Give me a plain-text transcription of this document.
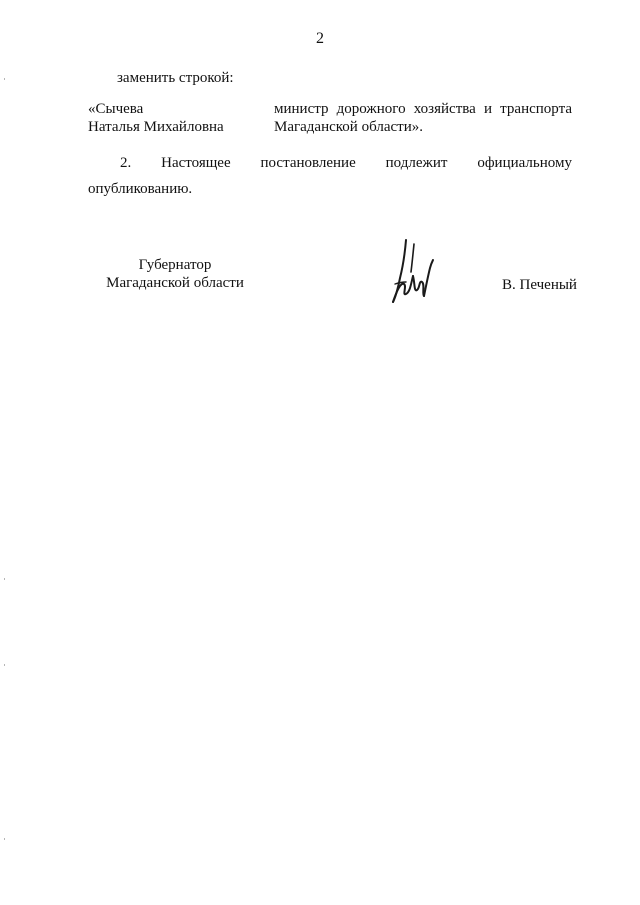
2
заменить строкой:
«Сычева
Наталья Михайловна
министр дорожного хозяйства и транспорта
Магаданской области».
2. Настоящее постановление подлежит официальному
опубликованию.
Губернатор
Магаданской области	В. Печеный
